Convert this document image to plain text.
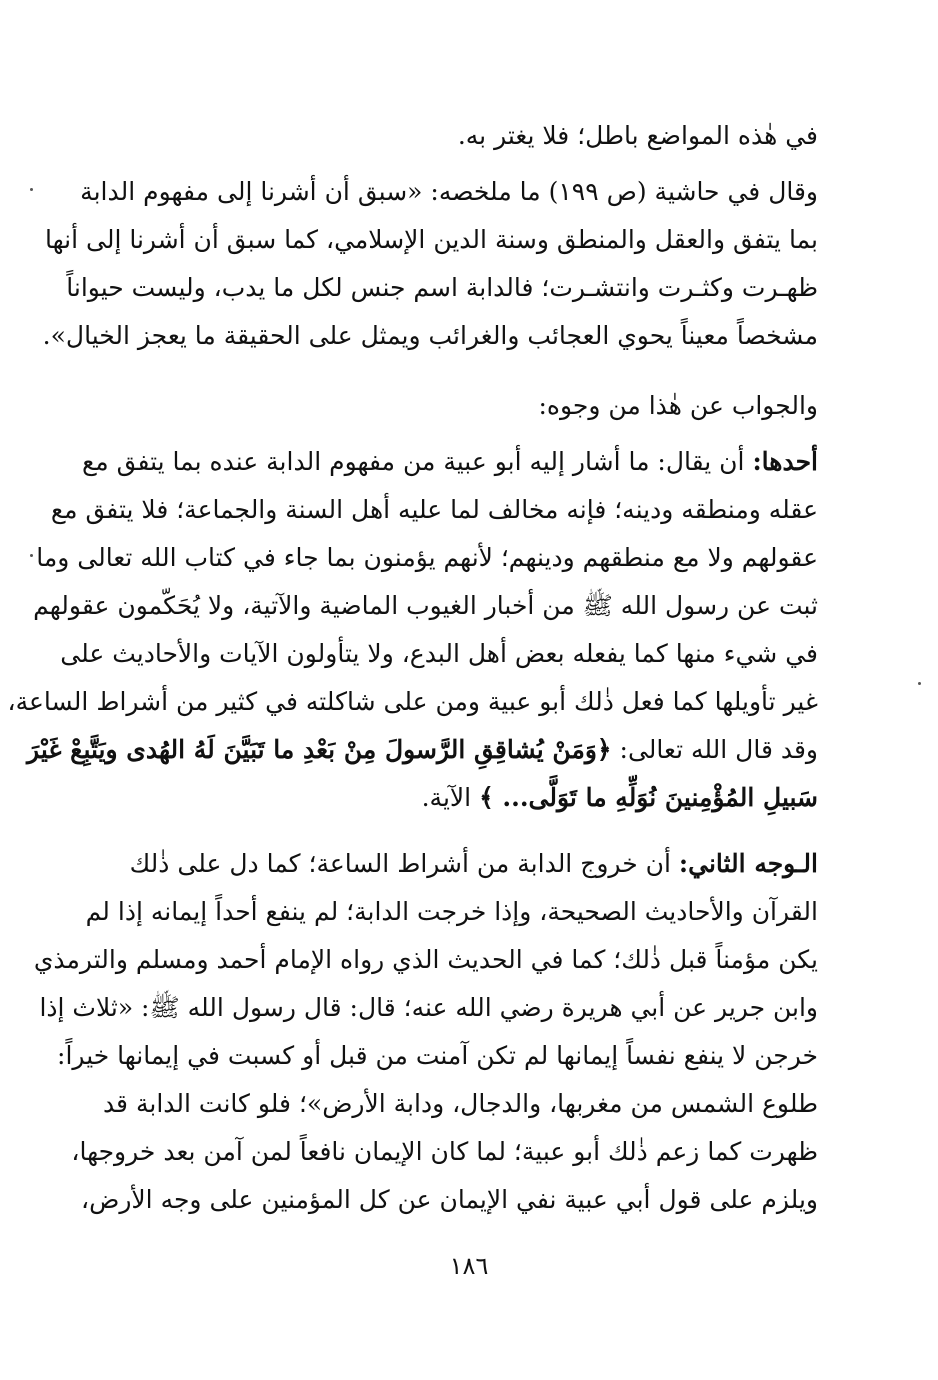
في هٰذه المواضع باطل؛ فلا يغتر به.
وقال في حاشية (ص ١٩٩) ما ملخصه: «سبق أن أشرنا إلى مفهوم الدابة
بما يتفق والعقل والمنطق وسنة الدين الإسلامي، كما سبق أن أشرنا إلى أنها
ظهـرت وكثـرت وانتشـرت؛ فالدابة اسم جنس لكل ما يدب، وليست حيواناً
مشخصاً معيناً يحوي العجائب والغرائب ويمثل على الحقيقة ما يعجز الخيال».
والجواب عن هٰذا من وجوه:
أحدها: أن يقال: ما أشار إليه أبو عبية من مفهوم الدابة عنده بما يتفق مع
عقله ومنطقه ودينه؛ فإنه مخالف لما عليه أهل السنة والجماعة؛ فلا يتفق مع
عقولهم ولا مع منطقهم ودينهم؛ لأنهم يؤمنون بما جاء في كتاب الله تعالى وما
ثبت عن رسول الله ﷺ من أخبار الغيوب الماضية والآتية، ولا يُحَكّمون عقولهم
في شيء منها كما يفعله بعض أهل البدع، ولا يتأولون الآيات والأحاديث على
غير تأويلها كما فعل ذٰلك أبو عبية ومن على شاكلته في كثير من أشراط الساعة،
وقد قال الله تعالى: ﴿وَمَنْ يُشاقِقِ الرَّسولَ مِنْ بَعْدِ ما تَبَيَّنَ لَهُ الهُدى ويَتَّبِعْ غَيْرَ
سَبيلِ المُؤْمِنينَ نُوَلِّهِ ما تَوَلَّى... ﴾ الآية.
الـوجه الثاني: أن خروج الدابة من أشراط الساعة؛ كما دل على ذٰلك
القرآن والأحاديث الصحيحة، وإذا خرجت الدابة؛ لم ينفع أحداً إيمانه إذا لم
يكن مؤمناً قبل ذٰلك؛ كما في الحديث الذي رواه الإمام أحمد ومسلم والترمذي
وابن جرير عن أبي هريرة رضي الله عنه؛ قال: قال رسول الله ﷺ: «ثلاث إذا
خرجن لا ينفع نفساً إيمانها لم تكن آمنت من قبل أو كسبت في إيمانها خيراً:
طلوع الشمس من مغربها، والدجال، ودابة الأرض»؛ فلو كانت الدابة قد
ظهرت كما زعم ذٰلك أبو عبية؛ لما كان الإيمان نافعاً لمن آمن بعد خروجها،
ويلزم على قول أبي عبية نفي الإيمان عن كل المؤمنين على وجه الأرض،
١٨٦
